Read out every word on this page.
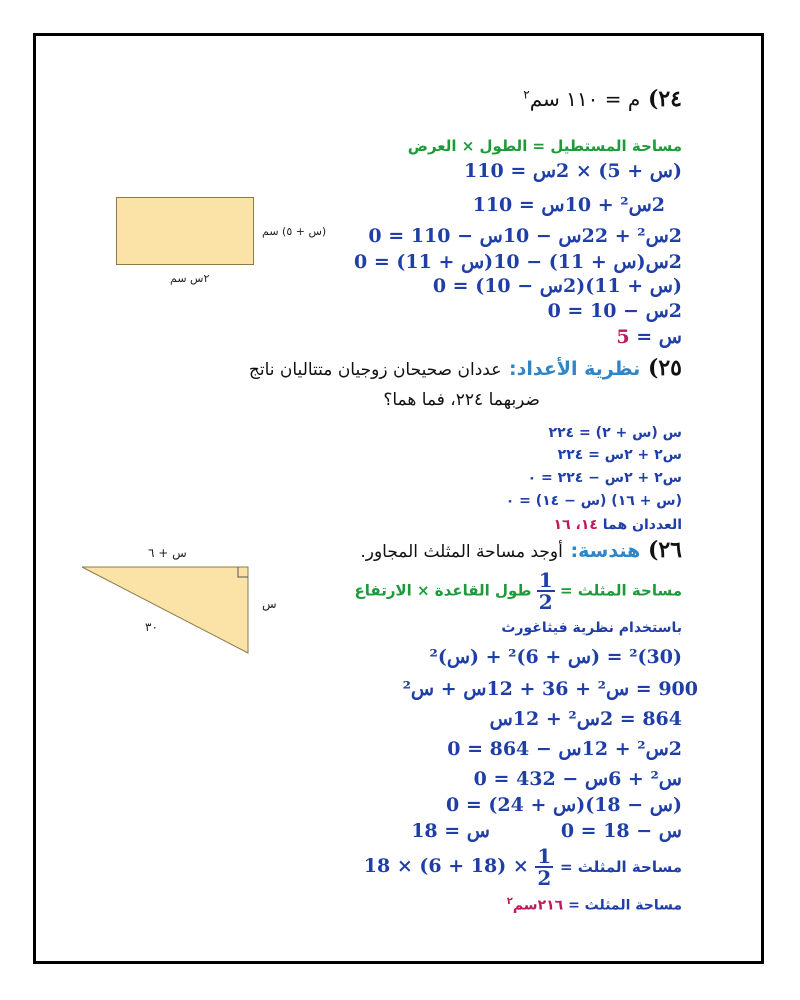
٢٤) م = ١١٠ سم$^٢$
مساحة المستطيل = الطول × العرض
(س + 5) × 2س = 110
2س² + 10س = 110
2س² + 22س − 10س − 110 = 0
2س(س + 11) − 10(س + 11) = 0
(س + 11)(2س − 10) = 0
2س − 10 = 0
س = 5
(س + ٥) سم
٢س سم
٢٥) نظرية الأعداد: عددان صحيحان زوجيان متتاليان ناتج
ضربهما ٢٢٤، فما هما؟
س (س + ٢) = ٢٢٤
س٢ + ٢س = ٢٢٤
س٢ + ٢س − ٢٢٤ = ٠
(س + ١٦) (س − ١٤) = ٠
العددان هما ١٤، ١٦
٢٦) هندسة: أوجد مساحة المثلث المجاور.
مساحة المثلث =
$\frac{1}{2}$
طول القاعدة × الارتفاع
باستخدام نظرية فيثاغورث
(30)² = (س + 6)² + (س)²
900 = س² + 36 + 12س + س²
864 = 2س² + 12س
2س² + 12س − 864 = 0
س² + 6س − 432 = 0
(س − 18)(س + 24) = 0
س − 18 = 0
س = 18
مساحة المثلث =
$\frac{1}{2}$
× (18 + 6) × 18
مساحة المثلث = ٢١٦سم$^٢$
س + ٦
س
٣٠
